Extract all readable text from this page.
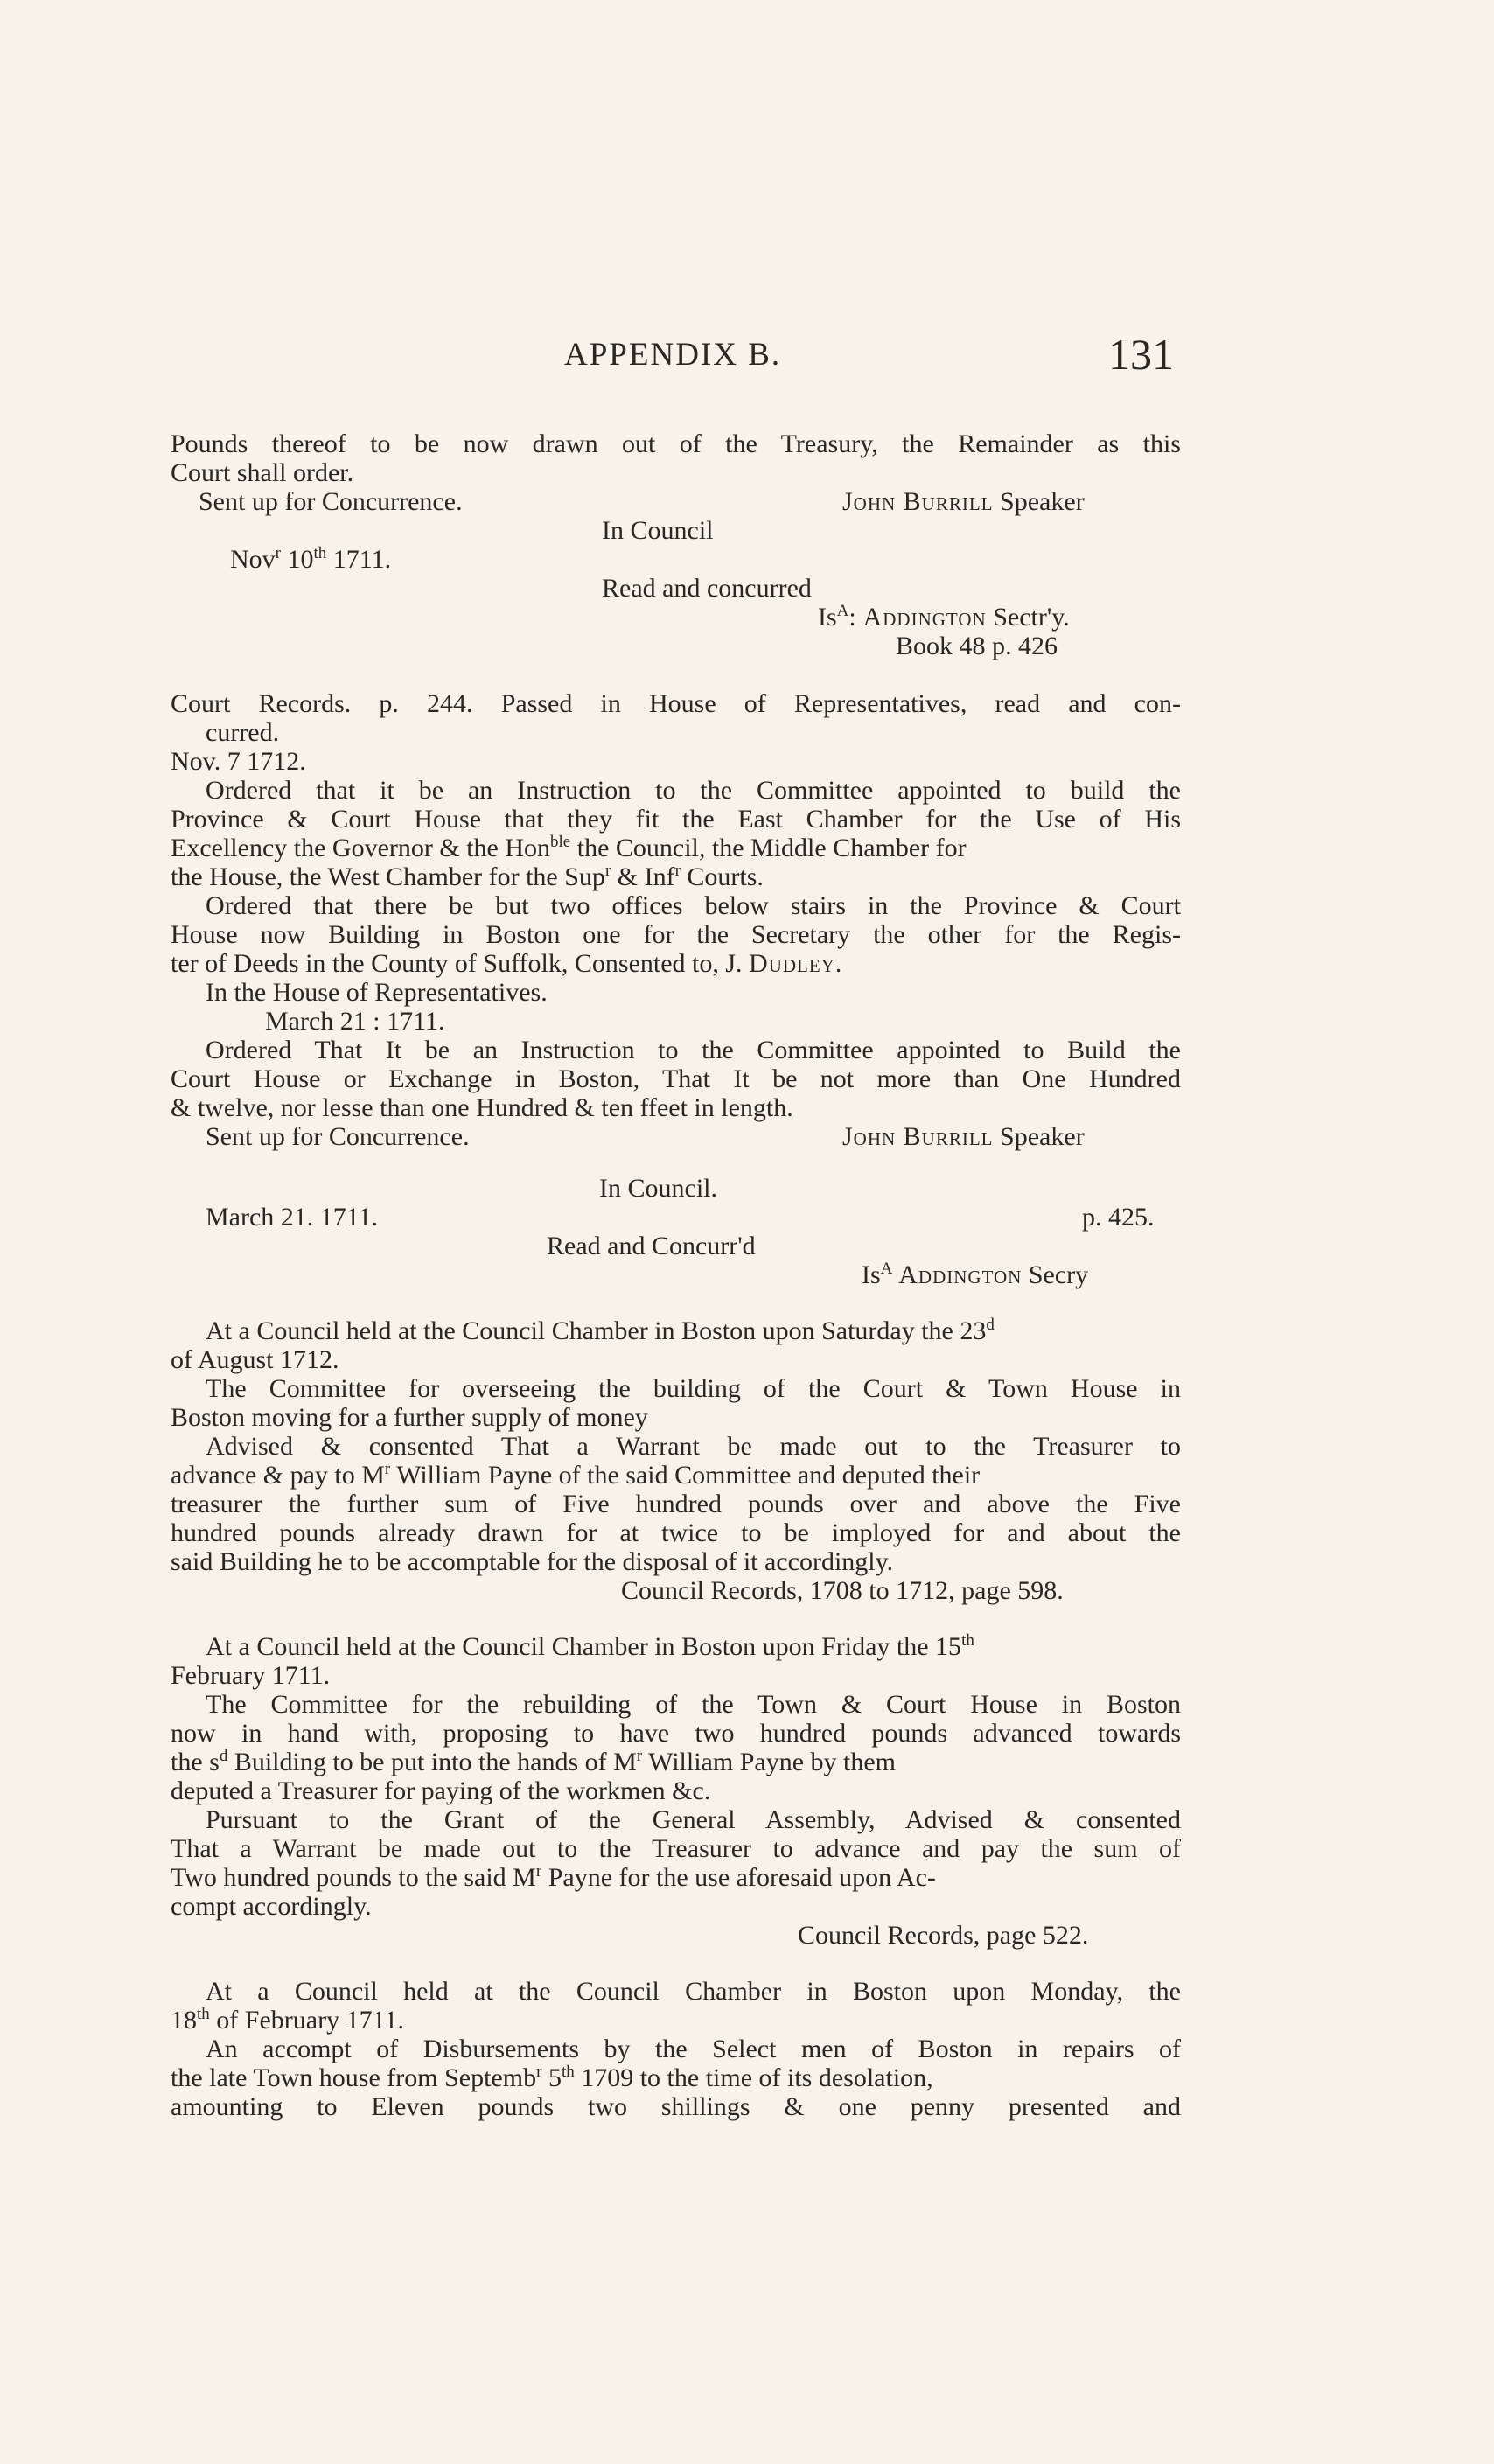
APPENDIX B.	131
Pounds thereof to be now drawn out of the Treasury, the Remainder as this
Court shall order.
Sent up for Concurrence.	John Burrill Speaker
In Council
Nov$^r$ 10th 1711.
Read and concurred
$Is^A$: Addington Sectr'y.
Book 48 p. 426
Court Records. p. 244. Passed in House of Representatives, read and con-
curred.
Nov. 7 1712.
Ordered that it be an Instruction to the Committee appointed to build the
Province & Court House that they fit the East Chamber for the Use of His
Excellency the Governor & the Hon$^{ble}$ the Council, the Middle Chamber for
the House, the West Chamber for the Sup$^r$ & Inf$^r$ Courts.
Ordered that there be but two offices below stairs in the Province & Court
House now Building in Boston one for the Secretary the other for the Regis-
ter of Deeds in the County of Suffolk, Consented to, J. Dudley.
In the House of Representatives.
March 21 : 1711.
Ordered That It be an Instruction to the Committee appointed to Build the
Court House or Exchange in Boston, That It be not more than One Hundred
& twelve, nor lesse than one Hundred & ten ffeet in length.
Sent up for Concurrence.	John Burrill Speaker
In Council.
March 21. 1711.	p. 425.
Read and Concurr'd
$Is^A$ Addington Secry
At a Council held at the Council Chamber in Boston upon Saturday the 23$^d$
of August 1712.
The Committee for overseeing the building of the Court & Town House in
Boston moving for a further supply of money
Advised & consented That a Warrant be made out to the Treasurer to
advance & pay to $M^r$ William Payne of the said Committee and deputed their
treasurer the further sum of Five hundred pounds over and above the Five
hundred pounds already drawn for at twice to be imployed for and about the
said Building he to be accomptable for the disposal of it accordingly.
Council Records, 1708 to 1712, page 598.
At a Council held at the Council Chamber in Boston upon Friday the 15th
February 1711.
The Committee for the rebuilding of the Town & Court House in Boston
now in hand with, proposing to have two hundred pounds advanced towards
the $s^d$ Building to be put into the hands of $M^r$ William Payne by them
deputed a Treasurer for paying of the workmen &c.
Pursuant to the Grant of the General Assembly, Advised & consented
That a Warrant be made out to the Treasurer to advance and pay the sum of
Two hundred pounds to the said $M^r$ Payne for the use aforesaid upon Ac-
compt accordingly.
Council Records, page 522.
At a Council held at the Council Chamber in Boston upon Monday, the
18th of February 1711.
An accompt of Disbursements by the Select men of Boston in repairs of
the late Town house from Septemb$^r$ 5th 1709 to the time of its desolation,
amounting to Eleven pounds two shillings & one penny presented and
